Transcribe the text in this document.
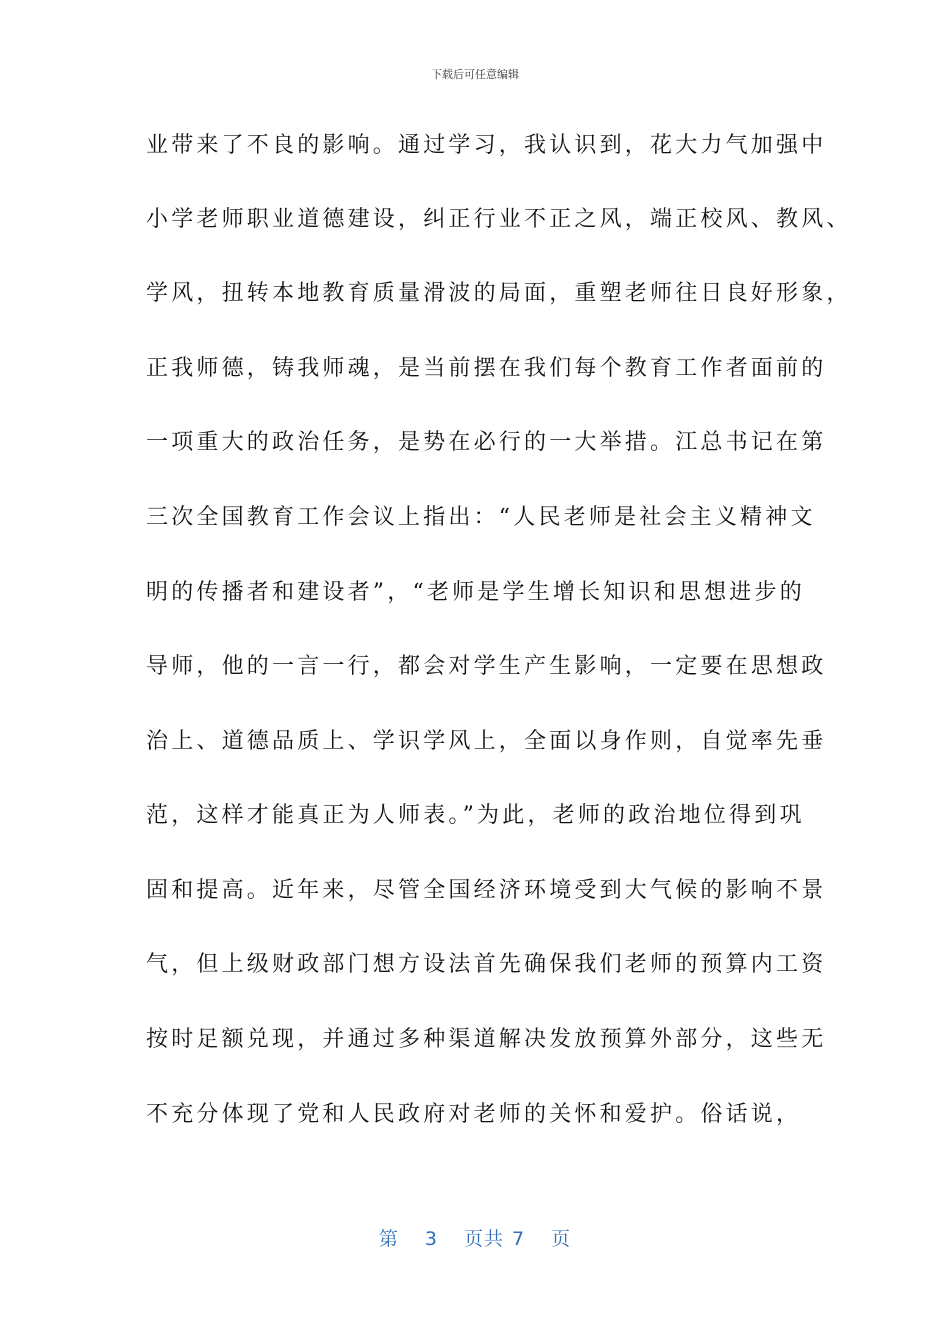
下载后可任意编辑
业带来了不良的影响。通过学习，我认识到，花大力气加强中
小学老师职业道德建设，纠正行业不正之风，端正校风、教风、
学风，扭转本地教育质量滑波的局面，重塑老师往日良好形象，
正我师德，铸我师魂，是当前摆在我们每个教育工作者面前的
一项重大的政治任务，是势在必行的一大举措。江总书记在第
三次全国教育工作会议上指出：“人民老师是社会主义精神文
明的传播者和建设者”，“老师是学生增长知识和思想进步的
导师，他的一言一行，都会对学生产生影响，一定要在思想政
治上、道德品质上、学识学风上，全面以身作则，自觉率先垂
范，这样才能真正为人师表。”为此，老师的政治地位得到巩
固和提高。近年来，尽管全国经济环境受到大气候的影响不景
气，但上级财政部门想方设法首先确保我们老师的预算内工资
按时足额兑现，并通过多种渠道解决发放预算外部分，这些无
不充分体现了党和人民政府对老师的关怀和爱护。俗话说，
第 3 页共 7 页
